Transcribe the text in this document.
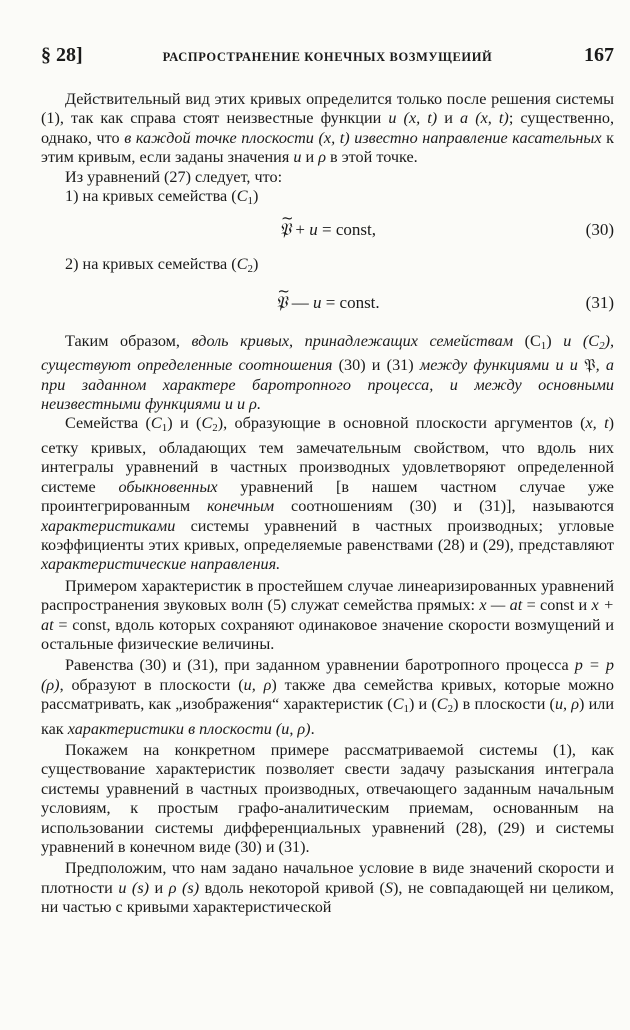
§ 28]	РАСПРОСТРАНЕНИЕ КОНЕЧНЫХ ВОЗМУЩЕИИЙ	167

Действительный вид этих кривых определится только после решения системы (1), так как справа стоят неизвестные функции u (x, t) и a (x, t); существенно, однако, что в каждой точке плоскости (x, t) известно направление касательных к этим кривым, если заданы значения u и ρ в этой точке.

Из уравнений (27) следует, что:

1) на кривых семейства $(C_1)$

~ 𝔓 + u = const,	(30)

2) на кривых семейства $(C_2)$

~ 𝔓 — u = const.	(31)

Таким образом, вдоль кривых, принадлежащих семействам $(C_1)$ и $(C_2)$, существуют определенные соотношения (30) и (31) между функциями u и 𝔓, а при заданном характере баротропного процесса, и между основными неизвестными функциями u и ρ.

Семейства $(C_1)$ и $(C_2)$, образующие в основной плоскости аргументов (x, t) сетку кривых, обладающих тем замечательным свойством, что вдоль них интегралы уравнений в частных производных удовлетворяют определенной системе обыкновенных уравнений [в нашем частном случае уже проинтегрированным конечным соотношениям (30) и (31)], называются характеристиками системы уравнений в частных производных; угловые коэффициенты этих кривых, определяемые равенствами (28) и (29), представляют характеристические направления.

Примером характеристик в простейшем случае линеаризированных уравнений распространения звуковых волн (5) служат семейства прямых: x — at = const и x + at = const, вдоль которых сохраняют одинаковое значение скорости возмущений и остальные физические величины.

Равенства (30) и (31), при заданном уравнении баротропного процесса p = p (ρ), образуют в плоскости (u, ρ) также два семейства кривых, которые можно рассматривать, как „изображения“ характеристик $(C_1)$ и $(C_2)$ в плоскости (u, ρ) или как характеристики в плоскости (u, ρ).

Покажем на конкретном примере рассматриваемой системы (1), как существование характеристик позволяет свести задачу разыскания интеграла системы уравнений в частных производных, отвечающего заданным начальным условиям, к простым графо-аналитическим приемам, основанным на использовании системы дифференциальных уравнений (28), (29) и системы уравнений в конечном виде (30) и (31).

Предположим, что нам задано начальное условие в виде значений скорости и плотности u (s) и ρ (s) вдоль некоторой кривой (S), не совпадающей ни целиком, ни частью с кривыми характеристической
